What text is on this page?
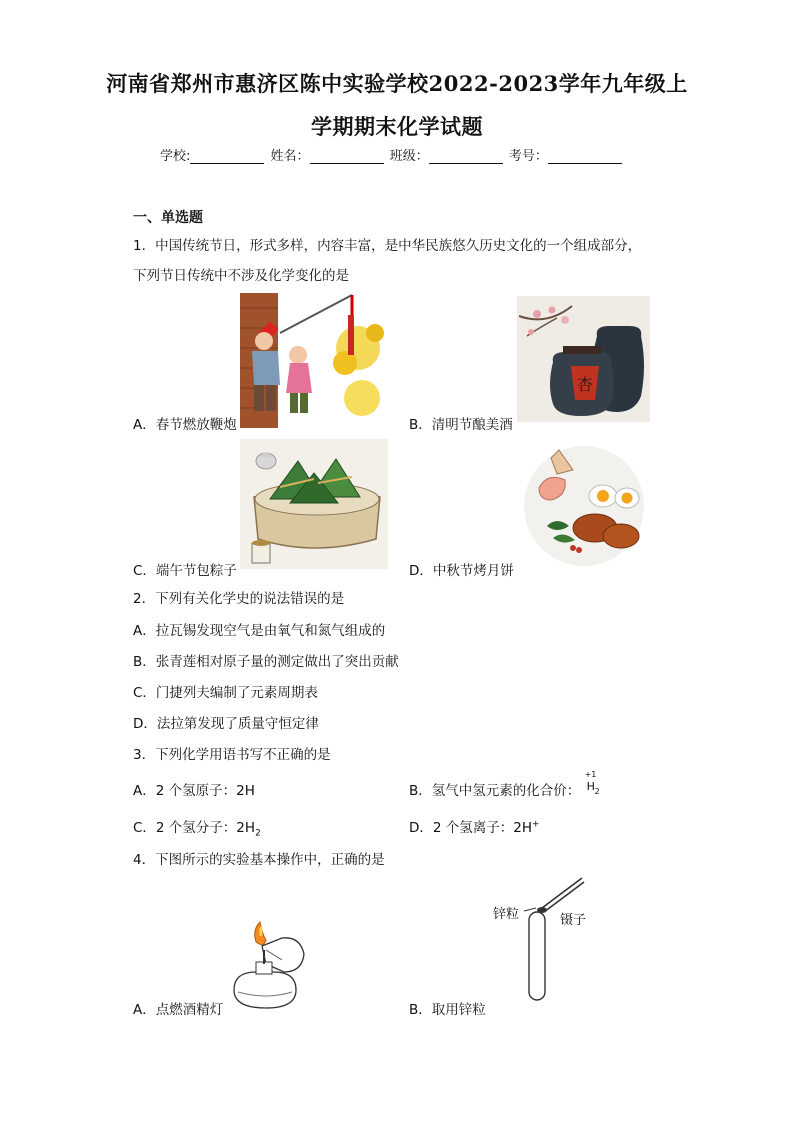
河南省郑州市惠济区陈中实验学校2022-2023学年九年级上
学期期末化学试题
学校:	姓名：	班级：	考号：
一、单选题
1．中国传统节日，形式多样，内容丰富，是中华民族悠久历史文化的一个组成部分，
下列节日传统中不涉及化学变化的是
A．春节燃放鞭炮
杏
B．清明节酿美酒
C．端午节包粽子	D．中秋节烤月饼
2．下列有关化学史的说法错误的是
A．拉瓦锡发现空气是由氧气和氮气组成的
B．张青莲相对原子量的测定做出了突出贡献
C．门捷列夫编制了元素周期表
D．法拉第发现了质量守恒定律
3．下列化学用语书写不正确的是
A．2 个氢原子：2H	B．氢气中氢元素的化合价：
+1
H 2
C．2 个氢分子：$2H_2$	D．2 个氢离子：2H+
4．下图所示的实验基本操作中，正确的是
A．点燃酒精灯
锌粒	镊子
B．取用锌粒
